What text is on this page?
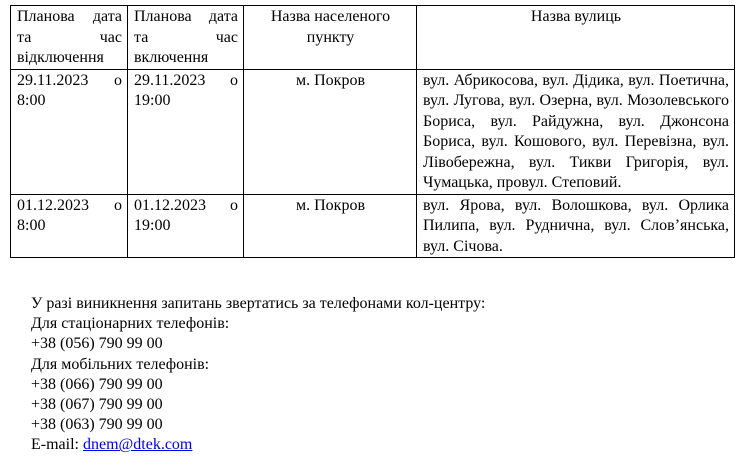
Планова дата та час відключення	Планова дата та час включення	Назва населеного пункту	Назва вулиць
29.11.2023 о 8:00	29.11.2023 о 19:00	м. Покров	вул. Абрикосова, вул. Дідика, вул. Поетична, вул. Лугова, вул. Озерна, вул. Мозолевського Бориса, вул. Райдужна, вул. Джонсона Бориса, вул. Кошового, вул. Перевізна, вул. Лівобережна, вул. Тикви Григорія, вул. Чумацька, провул. Степовий.
01.12.2023 о 8:00	01.12.2023 о 19:00	м. Покров	вул. Ярова, вул. Волошкова, вул. Орлика Пилипа, вул. Руднична, вул. Слов’янська, вул. Січова.
У разі виникнення запитань звертатись за телефонами кол-центру:
Для стаціонарних телефонів:
+38 (056) 790 99 00
Для мобільних телефонів:
+38 (066) 790 99 00
+38 (067) 790 99 00
+38 (063) 790 99 00
E-mail: dnem@dtek.com
